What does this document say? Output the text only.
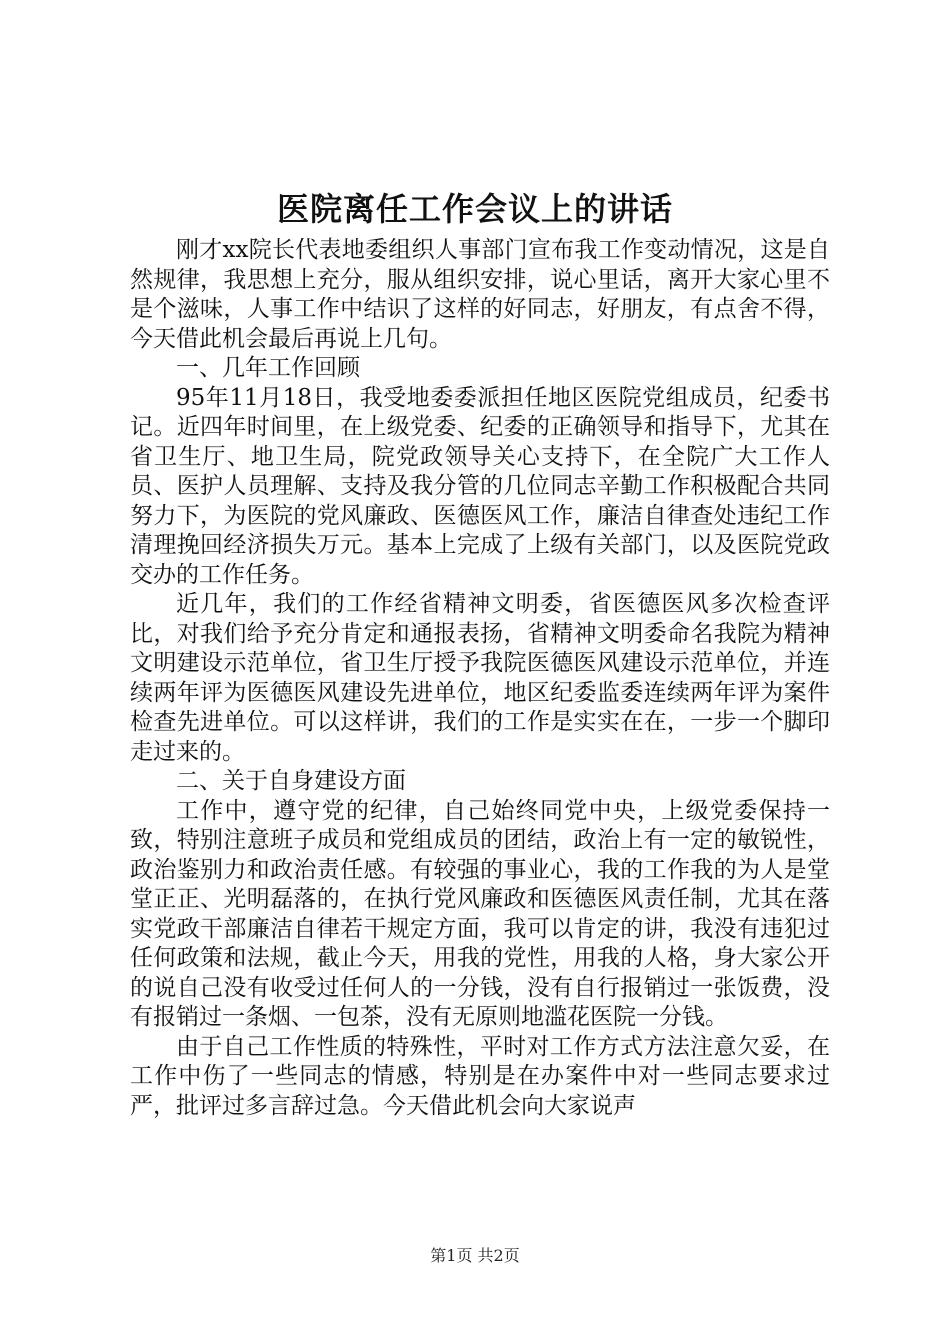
医院离任工作会议上的讲话

刚才xx院长代表地委组织人事部门宣布我工作变动情况，这是自然规律，我思想上充分，服从组织安排，说心里话，离开大家心里不是个滋味，人事工作中结识了这样的好同志，好朋友，有点舍不得，今天借此机会最后再说上几句。

一、几年工作回顾

95年11月18日，我受地委委派担任地区医院党组成员，纪委书记。近四年时间里，在上级党委、纪委的正确领导和指导下，尤其在省卫生厅、地卫生局，院党政领导关心支持下，在全院广大工作人员、医护人员理解、支持及我分管的几位同志辛勤工作积极配合共同努力下，为医院的党风廉政、医德医风工作，廉洁自律查处违纪工作清理挽回经济损失万元。基本上完成了上级有关部门，以及医院党政交办的工作任务。

近几年，我们的工作经省精神文明委，省医德医风多次检查评比，对我们给予充分肯定和通报表扬，省精神文明委命名我院为精神文明建设示范单位，省卫生厅授予我院医德医风建设示范单位，并连续两年评为医德医风建设先进单位，地区纪委监委连续两年评为案件检查先进单位。可以这样讲，我们的工作是实实在在，一步一个脚印走过来的。

二、关于自身建设方面

工作中，遵守党的纪律，自己始终同党中央，上级党委保持一致，特别注意班子成员和党组成员的团结，政治上有一定的敏锐性，政治鉴别力和政治责任感。有较强的事业心，我的工作我的为人是堂堂正正、光明磊落的，在执行党风廉政和医德医风责任制，尤其在落实党政干部廉洁自律若干规定方面，我可以肯定的讲，我没有违犯过任何政策和法规，截止今天，用我的党性，用我的人格，身大家公开的说自己没有收受过任何人的一分钱，没有自行报销过一张饭费，没有报销过一条烟、一包茶，没有无原则地滥花医院一分钱。

由于自己工作性质的特殊性，平时对工作方式方法注意欠妥，在工作中伤了一些同志的情感，特别是在办案件中对一些同志要求过严，批评过多言辞过急。今天借此机会向大家说声

第1页 共2页
